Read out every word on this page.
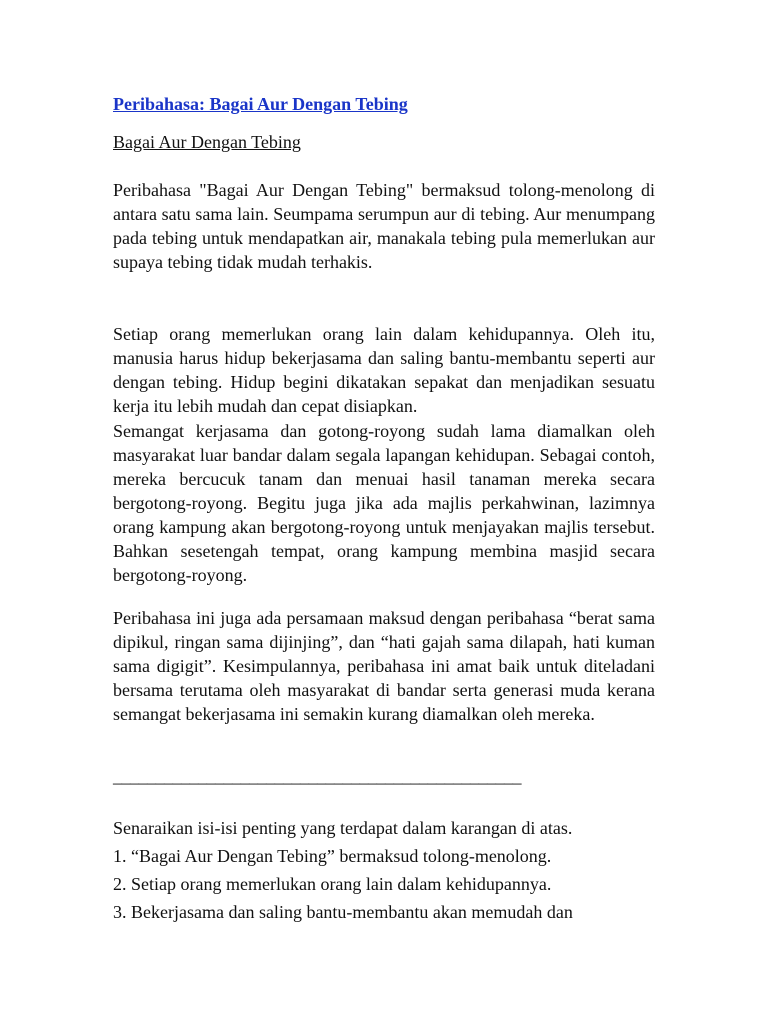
Peribahasa: Bagai Aur Dengan Tebing
Bagai Aur Dengan Tebing

Peribahasa "Bagai Aur Dengan Tebing" bermaksud tolong-menolong di antara satu sama lain. Seumpama serumpun aur di tebing. Aur menumpang pada tebing untuk mendapatkan air, manakala tebing pula memerlukan aur supaya tebing tidak mudah terhakis.

Setiap orang memerlukan orang lain dalam kehidupannya. Oleh itu, manusia harus hidup bekerjasama dan saling bantu-membantu seperti aur dengan tebing. Hidup begini dikatakan sepakat dan menjadikan sesuatu kerja itu lebih mudah dan cepat disiapkan.

Semangat kerjasama dan gotong-royong sudah lama diamalkan oleh masyarakat luar bandar dalam segala lapangan kehidupan. Sebagai contoh, mereka bercucuk tanam dan menuai hasil tanaman mereka secara bergotong-royong. Begitu juga jika ada majlis perkahwinan, lazimnya orang kampung akan bergotong-royong untuk menjayakan majlis tersebut. Bahkan sesetengah tempat, orang kampung membina masjid secara bergotong-royong.

Peribahasa ini juga ada persamaan maksud dengan peribahasa “berat sama dipikul, ringan sama dijinjing”, dan “hati gajah sama dilapah, hati kuman sama digigit”. Kesimpulannya, peribahasa ini amat baik untuk diteladani bersama terutama oleh masyarakat di bandar serta generasi muda kerana semangat bekerjasama ini semakin kurang diamalkan oleh mereka.

________________________________________________

Senaraikan isi-isi penting yang terdapat dalam karangan di atas.

1. “Bagai Aur Dengan Tebing” bermaksud tolong-menolong.
2. Setiap orang memerlukan orang lain dalam kehidupannya.
3. Bekerjasama dan saling bantu-membantu akan memudah dan
